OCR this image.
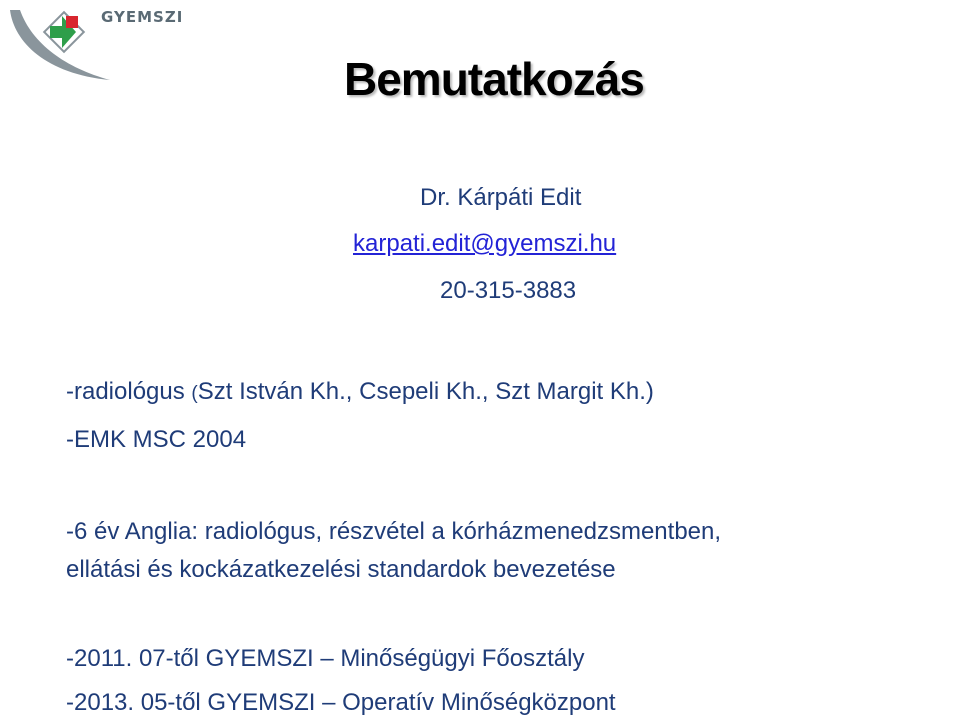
GYEMSZI
Bemutatkozás
Dr. Kárpáti Edit
karpati.edit@gyemszi.hu
20-315-3883
-radiológus (Szt István Kh., Csepeli Kh., Szt Margit Kh.)
-EMK MSC 2004
-6 év Anglia: radiológus, részvétel a kórházmenedzsmentben,
ellátási és kockázatkezelési standardok bevezetése
-2011. 07-től GYEMSZI – Minőségügyi Főosztály
-2013. 05-től GYEMSZI – Operatív Minőségközpont
